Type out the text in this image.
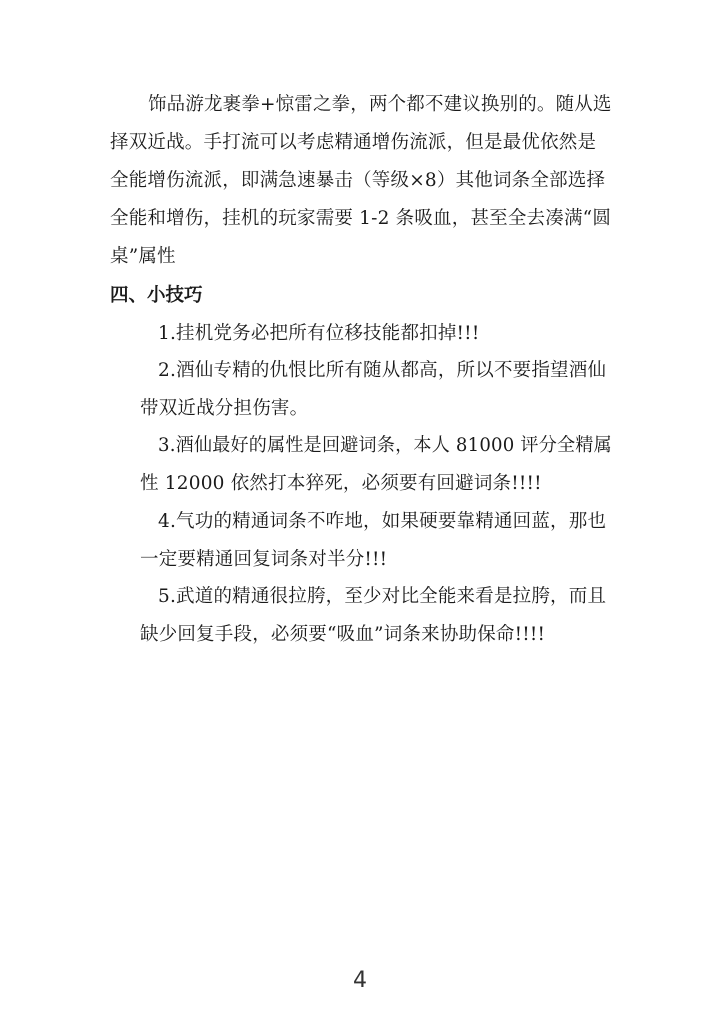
饰品游龙裹拳+惊雷之拳，两个都不建议换别的。随从选
择双近战。手打流可以考虑精通增伤流派，但是最优依然是
全能增伤流派，即满急速暴击（等级×8）其他词条全部选择
全能和增伤，挂机的玩家需要 1-2 条吸血，甚至全去凑满“圆
桌”属性
四、小技巧
1.挂机党务必把所有位移技能都扣掉!!!
2.酒仙专精的仇恨比所有随从都高，所以不要指望酒仙
带双近战分担伤害。
3.酒仙最好的属性是回避词条，本人 81000 评分全精属
性 12000 依然打本猝死，必须要有回避词条!!!!
4.气功的精通词条不咋地，如果硬要靠精通回蓝，那也
一定要精通回复词条对半分!!!
5.武道的精通很拉胯，至少对比全能来看是拉胯，而且
缺少回复手段，必须要“吸血”词条来协助保命!!!!
4
